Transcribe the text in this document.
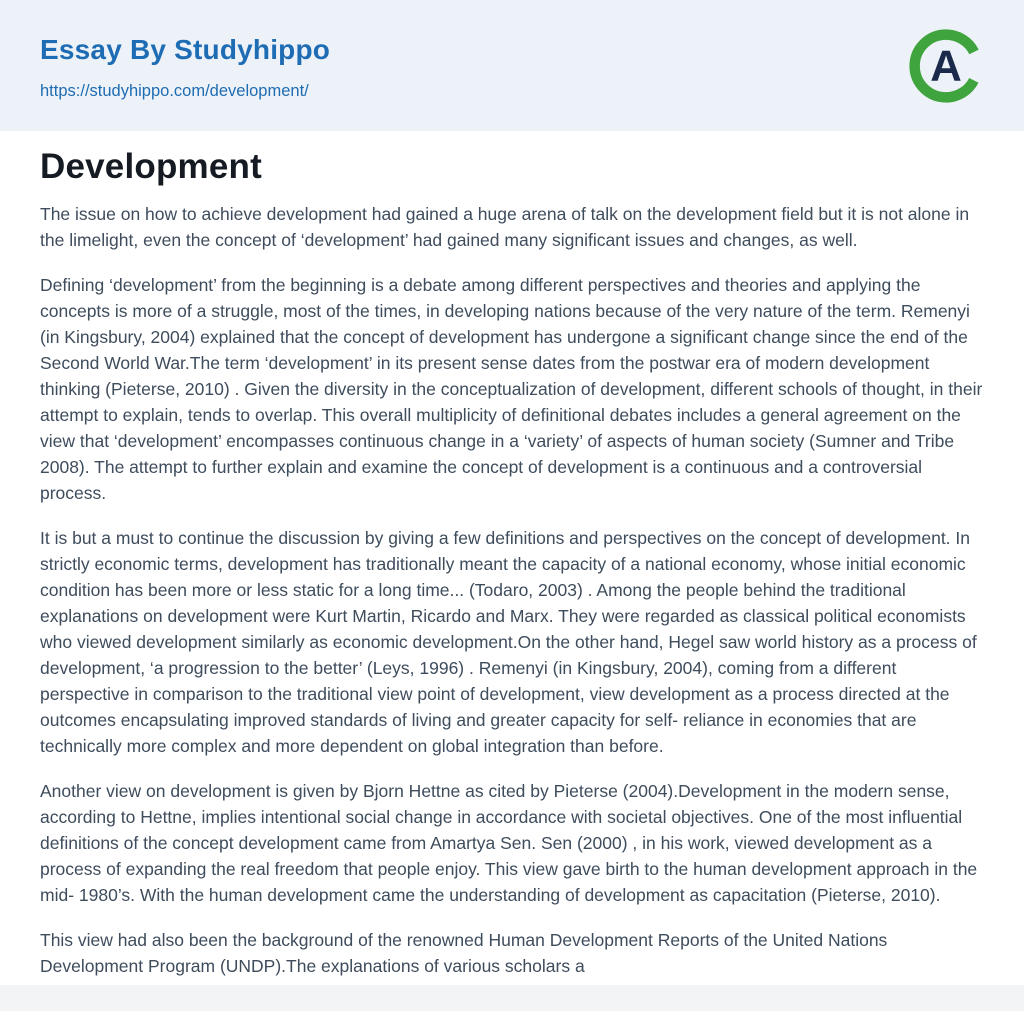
Essay By Studyhippo
https://studyhippo.com/development/
A
Development

The issue on how to achieve development had gained a huge arena of talk on the development field but it is not alone in the limelight, even the concept of ‘development’ had gained many significant issues and changes, as well.

Defining ‘development’ from the beginning is a debate among different perspectives and theories and applying the concepts is more of a struggle, most of the times, in developing nations because of the very nature of the term. Remenyi (in Kingsbury, 2004) explained that the concept of development has undergone a significant change since the end of the Second World War.The term ‘development’ in its present sense dates from the postwar era of modern development thinking (Pieterse, 2010) . Given the diversity in the conceptualization of development, different schools of thought, in their attempt to explain, tends to overlap. This overall multiplicity of definitional debates includes a general agreement on the view that ‘development’ encompasses continuous change in a ‘variety’ of aspects of human society (Sumner and Tribe 2008). The attempt to further explain and examine the concept of development is a continuous and a controversial process.

It is but a must to continue the discussion by giving a few definitions and perspectives on the concept of development. In strictly economic terms, development has traditionally meant the capacity of a national economy, whose initial economic condition has been more or less static for a long time... (Todaro, 2003) . Among the people behind the traditional explanations on development were Kurt Martin, Ricardo and Marx. They were regarded as classical political economists who viewed development similarly as economic development.On the other hand, Hegel saw world history as a process of development, ‘a progression to the better’ (Leys, 1996) . Remenyi (in Kingsbury, 2004), coming from a different perspective in comparison to the traditional view point of development, view development as a process directed at the outcomes encapsulating improved standards of living and greater capacity for self- reliance in economies that are technically more complex and more dependent on global integration than before.

Another view on development is given by Bjorn Hettne as cited by Pieterse (2004).Development in the modern sense, according to Hettne, implies intentional social change in accordance with societal objectives. One of the most influential definitions of the concept development came from Amartya Sen. Sen (2000) , in his work, viewed development as a process of expanding the real freedom that people enjoy. This view gave birth to the human development approach in the mid- 1980’s. With the human development came the understanding of development as capacitation (Pieterse, 2010).

This view had also been the background of the renowned Human Development Reports of the United Nations Development Program (UNDP).The explanations of various scholars a
